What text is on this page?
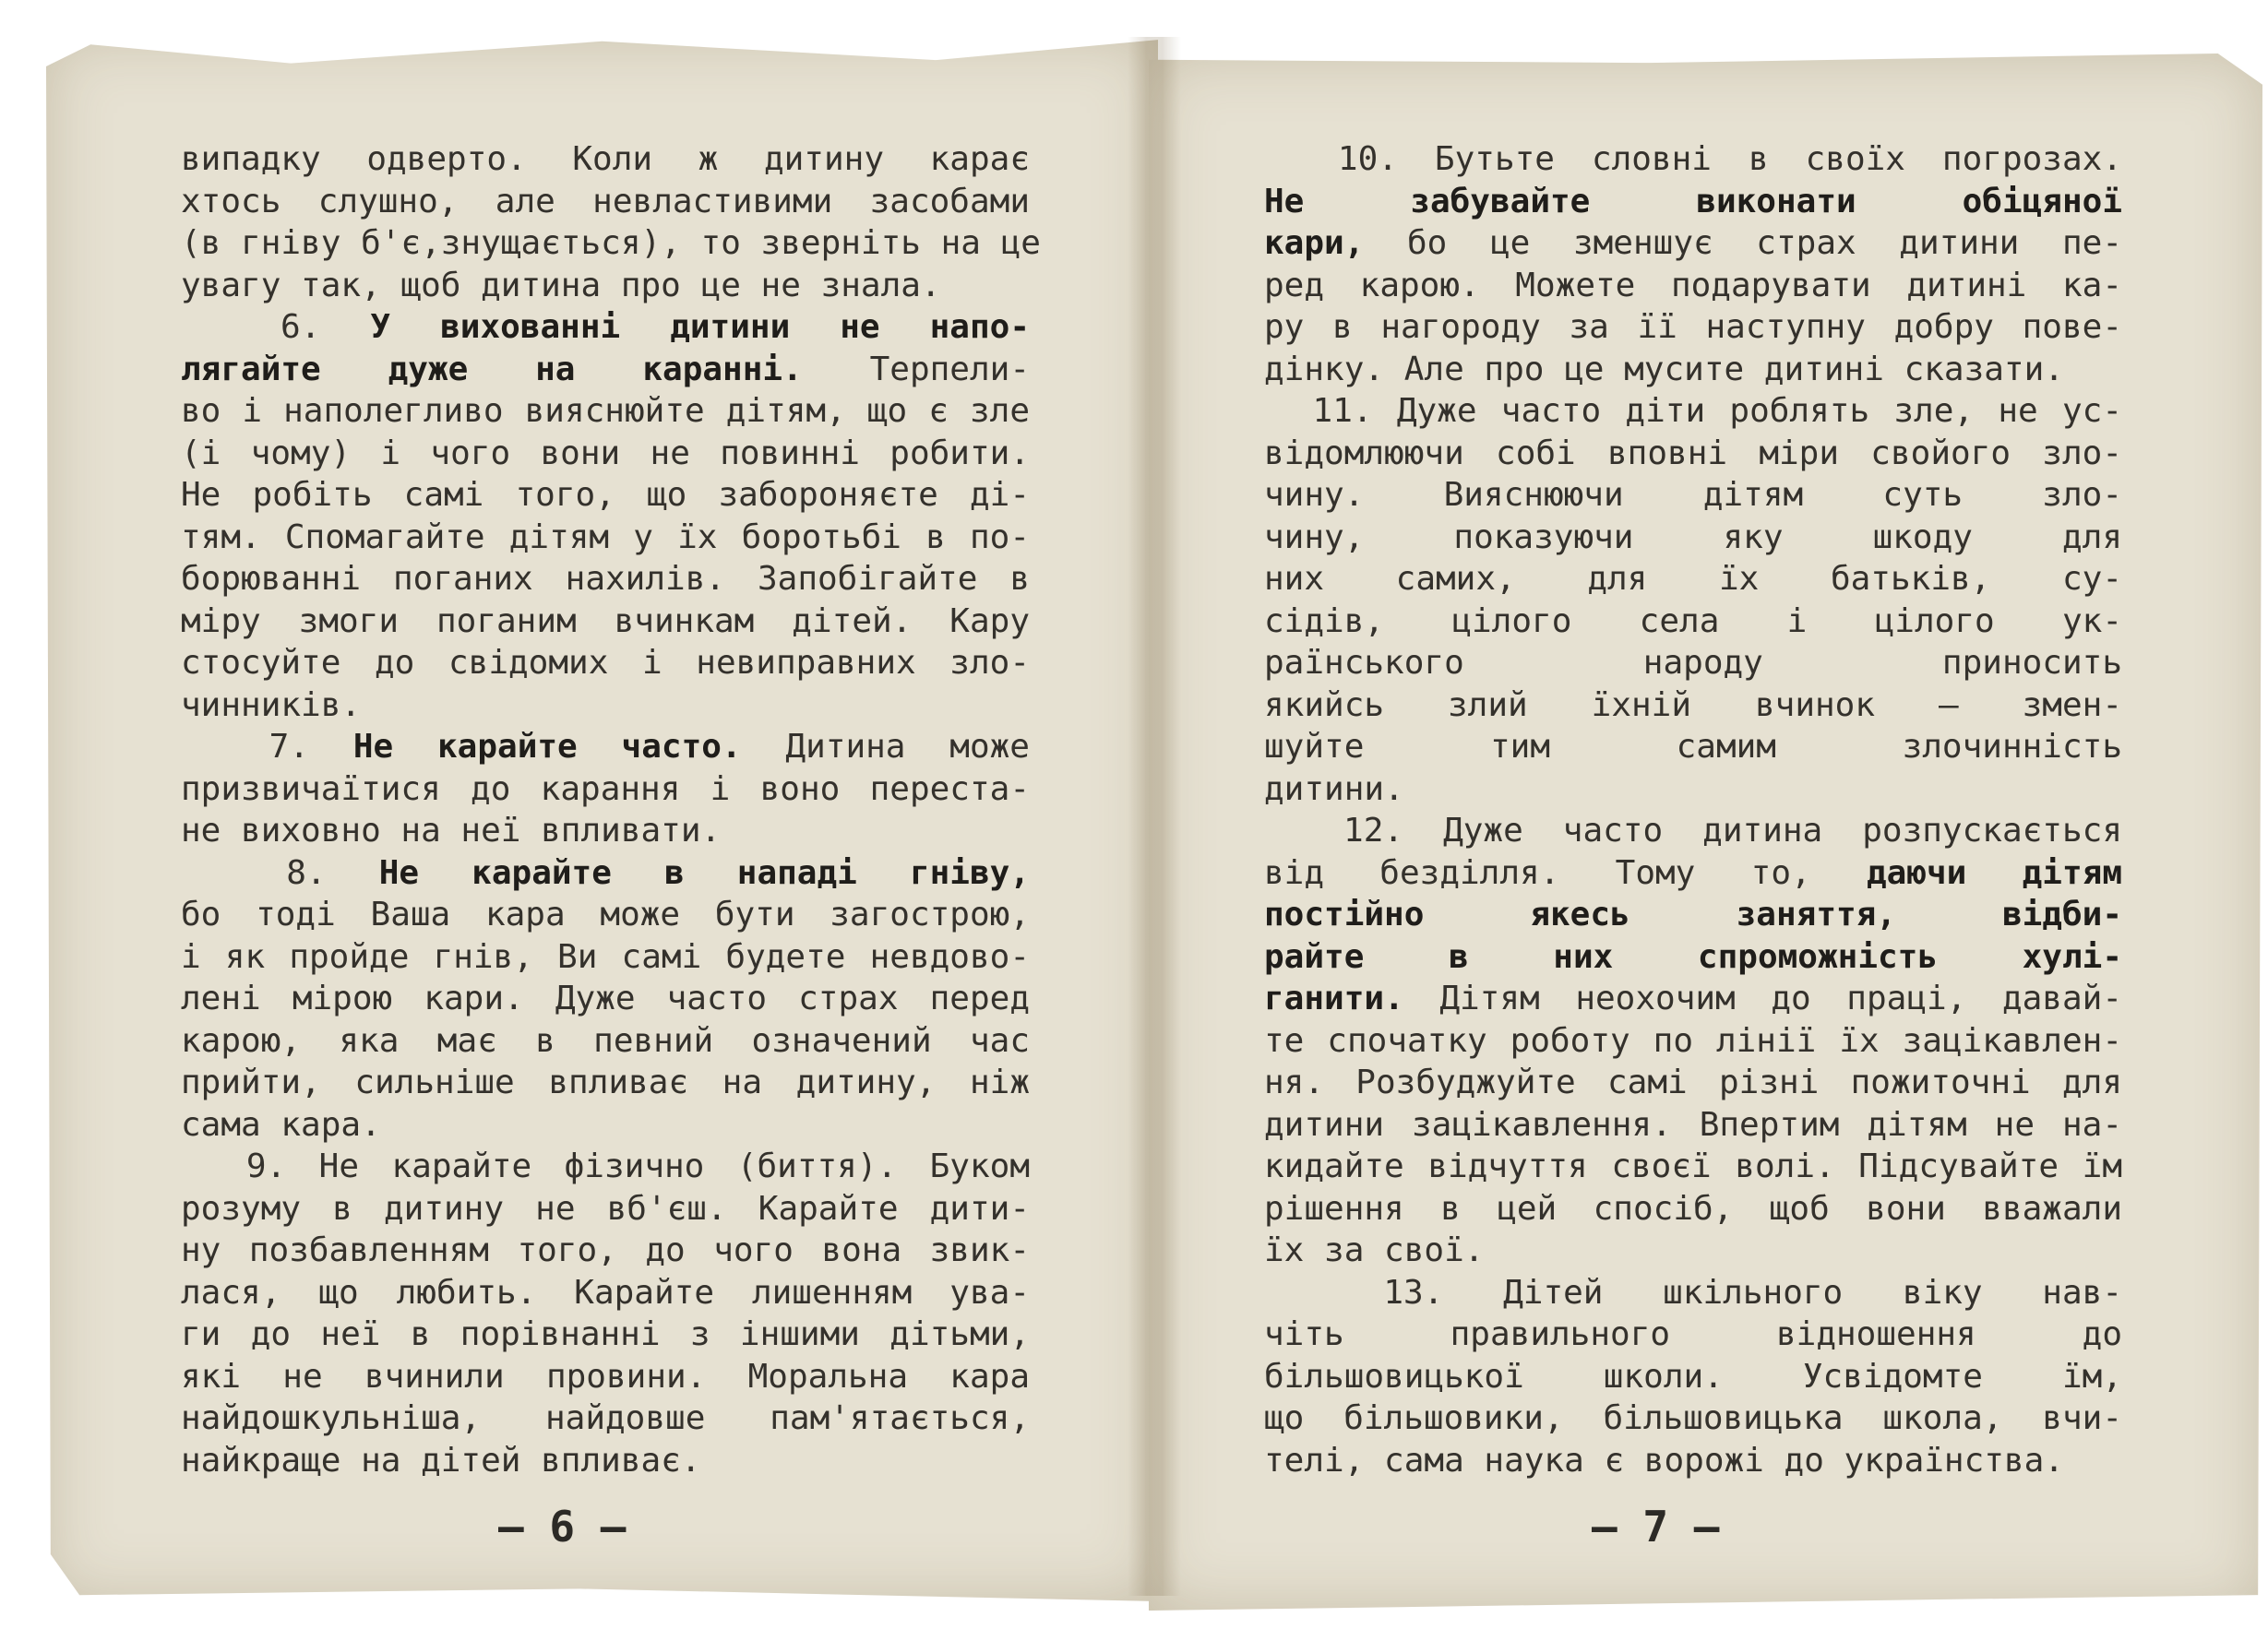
випадку одверто. Коли ж дитину карає
хтось слушно, але невластивими засобами
(в гніву б'є,знущається), то зверніть на це
увагу так, щоб дитина про це не знала.
6. У вихованні дитини не напо-
лягайте дуже на каранні. Терпели-
во і наполегливо вияснюйте дітям, що є зле
(і чому) і чого вони не повинні робити.
Не робіть самі того, що забороняєте ді-
тям. Спомагайте дітям у їх боротьбі в по-
борюванні поганих нахилів. Запобігайте в
міру змоги поганим вчинкам дітей. Кару
стосуйте до свідомих і невиправних зло-
чинників.
7. Не карайте часто. Дитина може
призвичаїтися до карання і воно переста-
не виховно на неї впливати.
8. Не карайте в нападі гніву,
бо тоді Ваша кара може бути загострою,
і як пройде гнів, Ви самі будете невдово-
лені мірою кари. Дуже часто страх перед
карою, яка має в певний означений час
прийти, сильніше впливає на дитину, ніж
сама кара.
9. Не карайте фізично (биття). Буком
розуму в дитину не вб'єш. Карайте дити-
ну позбавленням того, до чого вона звик-
лася, що любить. Карайте лишенням ува-
ги до неї в порівнанні з іншими дітьми,
які не вчинили провини. Моральна кара
найдошкульніша, найдовше пам'ятається,
найкраще на дітей впливає.
10. Бутьте словні в своїх погрозах.
Не забувайте виконати обіцяної
кари, бо це зменшує страх дитини пе-
ред карою. Можете подарувати дитині ка-
ру в нагороду за її наступну добру пове-
дінку. Але про це мусите дитині сказати.
11. Дуже часто діти роблять зле, не ус-
відомлюючи собі вповні міри свойого зло-
чину. Вияснюючи дітям суть зло-
чину, показуючи яку шкоду для
них самих, для їх батьків, су-
сідів, цілого села і цілого ук-
раїнського народу приносить
якийсь злий їхній вчинок — змен-
шуйте тим самим злочинність
дитини.
12. Дуже часто дитина розпускається
від безділля. Тому то, даючи дітям
постійно якесь заняття, відби-
райте в них спроможність хулі-
ганити. Дітям неохочим до праці, давай-
те спочатку роботу по лінії їх зацікавлен-
ня. Розбуджуйте самі різні пожиточні для
дитини зацікавлення. Впертим дітям не на-
кидайте відчуття своєї волі. Підсувайте їм
рішення в цей спосіб, щоб вони вважали
їх за свої.
13. Дітей шкільного віку нав-
чіть правильного відношення до
більшовицької школи. Усвідомте їм,
що більшовики, більшовицька школа, вчи-
телі, сама наука є ворожі до українства.
— 6 —	— 7 —
